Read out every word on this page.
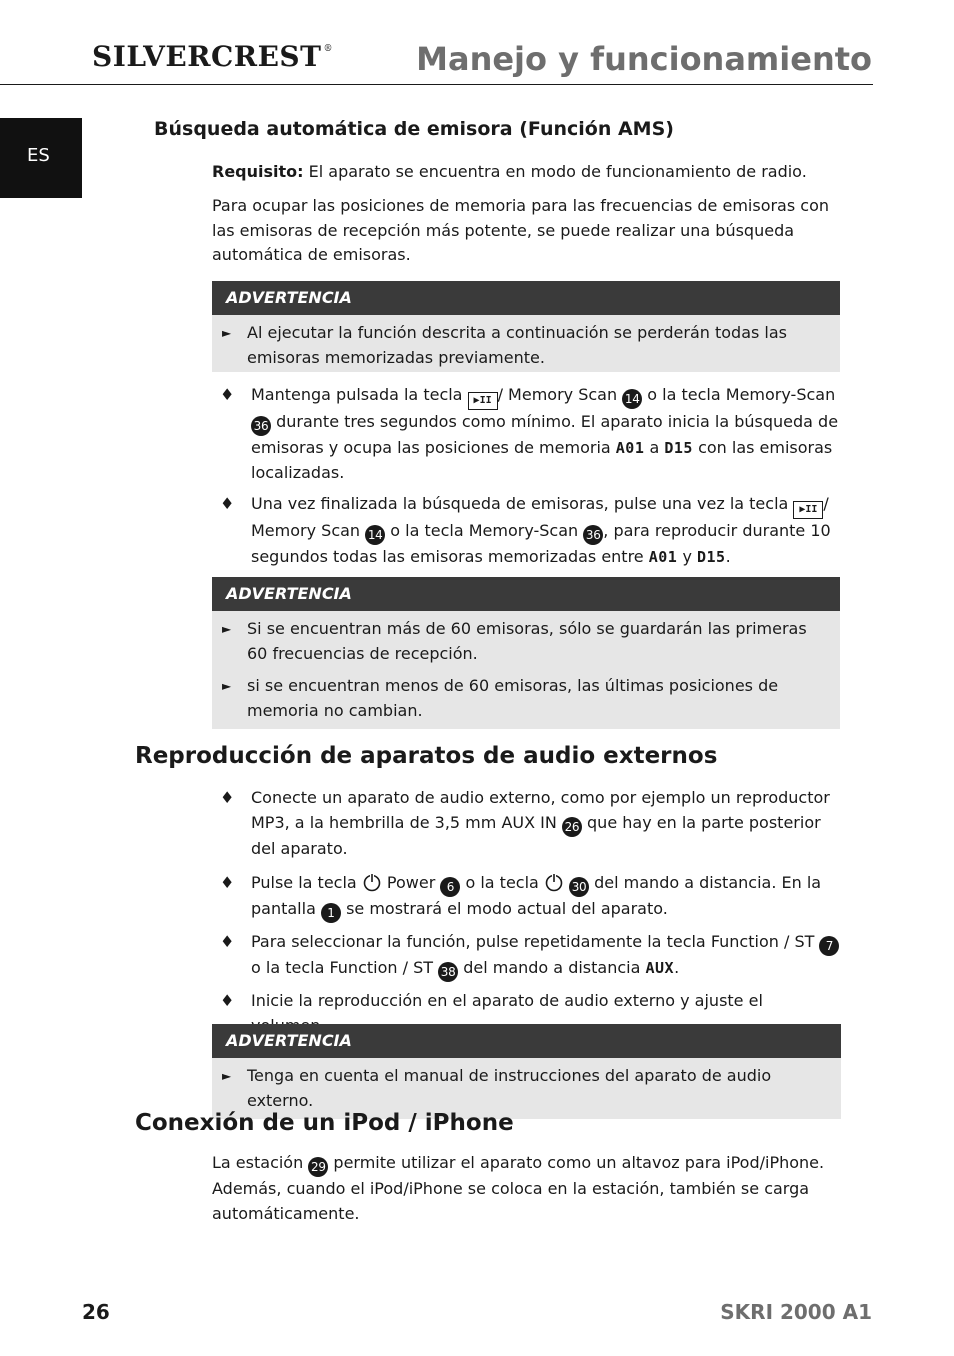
SILVERCREST ®	Manejo y funcionamiento
ES
Búsqueda automática de emisora (Función AMS)
Requisito: El aparato se encuentra en modo de funcionamiento de radio.
Para ocupar las posiciones de memoria para las frecuencias de emisoras con las emisoras de recepción más potente, se puede realizar una búsqueda automática de emisoras.
ADVERTENCIA
► Al ejecutar la función descrita a continuación se perderán todas las emisoras memorizadas previamente.
♦ Mantenga pulsada la tecla ▶II / Memory Scan 14 o la tecla Memory-Scan 36 durante tres segundos como mínimo. El aparato inicia la búsqueda de emisoras y ocupa las posiciones de memoria A01 a D15 con las emisoras localizadas.
♦ Una vez finalizada la búsqueda de emisoras, pulse una vez la tecla ▶II / Memory Scan 14 o la tecla Memory-Scan 36 , para reproducir durante 10 segundos todas las emisoras memorizadas entre A01 y D15.
ADVERTENCIA
► Si se encuentran más de 60 emisoras, sólo se guardarán las primeras 60 frecuencias de recepción.
► si se encuentran menos de 60 emisoras, las últimas posiciones de memoria no cambian.
Reproducción de aparatos de audio externos
♦ Conecte un aparato de audio externo, como por ejemplo un reproductor MP3, a la hembrilla de 3,5 mm AUX IN 26 que hay en la parte posterior del aparato.
♦ Pulse la tecla Power 6 o la tecla	30 del mando a distancia. En la pantalla 1 se mostrará el modo actual del aparato.
♦ Para seleccionar la función, pulse repetidamente la tecla Function / ST 7 o la tecla Function / ST 38 del mando a distancia AUX.
♦ Inicie la reproducción en el aparato de audio externo y ajuste el
ADVERTENCIA
► Tenga en cuenta el manual de instrucciones del aparato de audio externo.
Conexión de un iPod / iPhone
La estación 29 permite utilizar el aparato como un altavoz para iPod/iPhone. Además, cuando el iPod/iPhone se coloca en la estación, también se carga automáticamente.
26	SKRI 2000 A1
